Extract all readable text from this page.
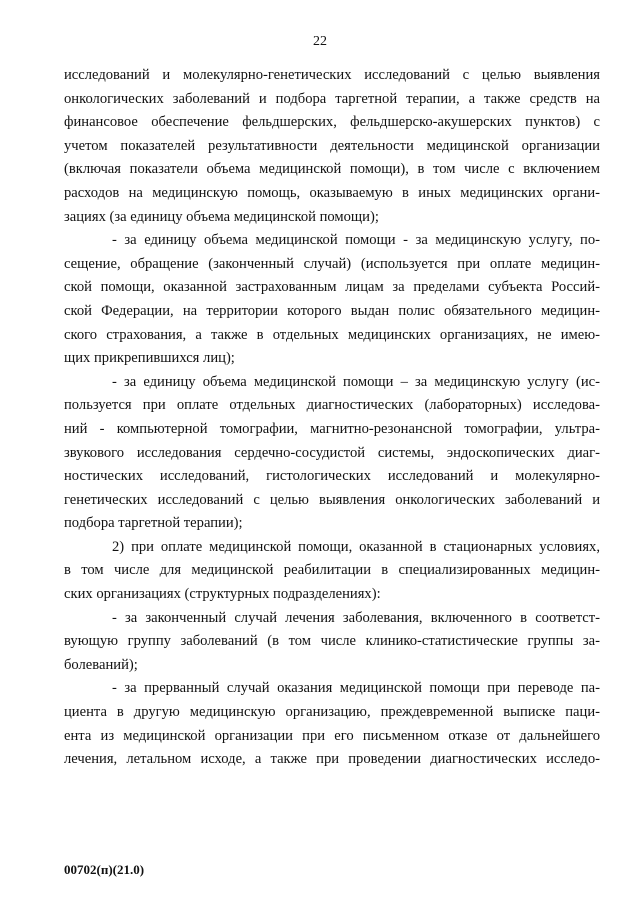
22
исследований и молекулярно-генетических исследований с целью выявления
онкологических заболеваний и подбора таргетной терапии, а также средств на
финансовое обеспечение фельдшерских, фельдшерско-акушерских пунктов) с
учетом показателей результативности деятельности медицинской организации
(включая показатели объема медицинской помощи), в том числе с включением
расходов на медицинскую помощь, оказываемую в иных медицинских органи-
зациях (за единицу объема медицинской помощи);
- за единицу объема медицинской помощи - за медицинскую услугу, по-
сещение, обращение (законченный случай) (используется при оплате медицин-
ской помощи, оказанной застрахованным лицам за пределами субъекта Россий-
ской Федерации, на территории которого выдан полис обязательного медицин-
ского страхования, а также в отдельных медицинских организациях, не имею-
щих прикрепившихся лиц);
- за единицу объема медицинской помощи – за медицинскую услугу (ис-
пользуется при оплате отдельных диагностических (лабораторных) исследова-
ний - компьютерной томографии, магнитно-резонансной томографии, ультра-
звукового исследования сердечно-сосудистой системы, эндоскопических диаг-
ностических исследований, гистологических исследований и молекулярно-
генетических исследований с целью выявления онкологических заболеваний и
подбора таргетной терапии);
2) при оплате медицинской помощи, оказанной в стационарных условиях,
в том числе для медицинской реабилитации в специализированных медицин-
ских организациях (структурных подразделениях):
- за законченный случай лечения заболевания, включенного в соответст-
вующую группу заболеваний (в том числе клинико-статистические группы за-
болеваний);
- за прерванный случай оказания медицинской помощи при переводе па-
циента в другую медицинскую организацию, преждевременной выписке паци-
ента из медицинской организации при его письменном отказе от дальнейшего
лечения, летальном исходе, а также при проведении диагностических исследо-
00702(п)(21.0)
